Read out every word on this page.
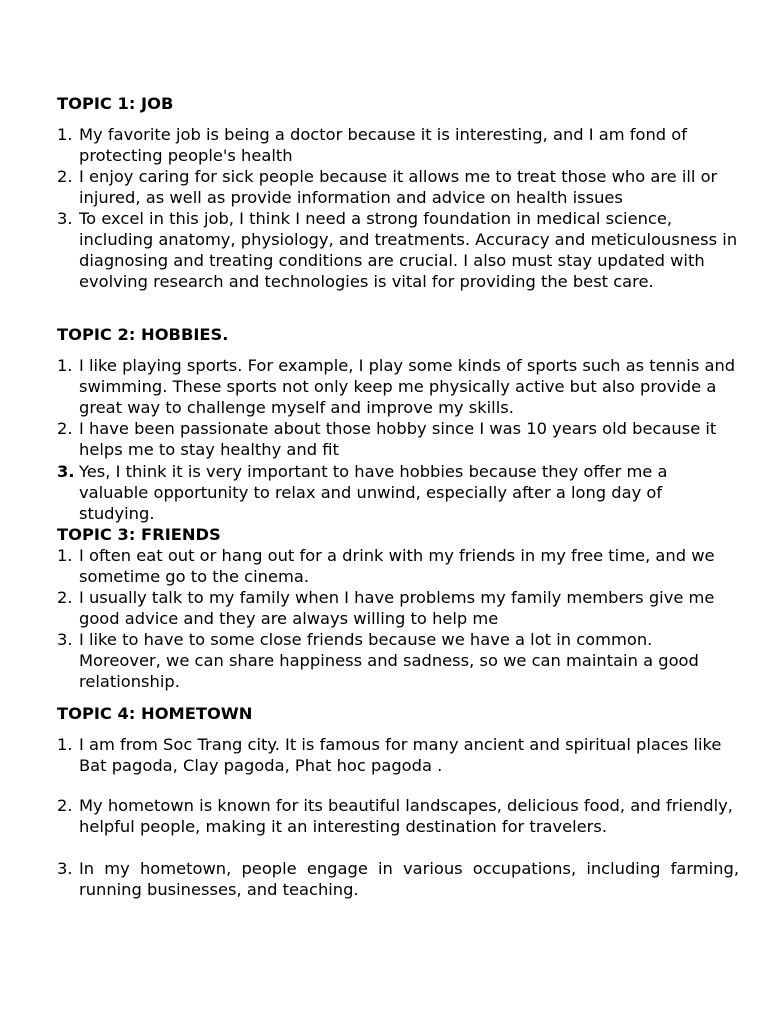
TOPIC 1: JOB
1. My favorite job is being a doctor because it is interesting, and I am fond of protecting people's health
2. I enjoy caring for sick people because it allows me to treat those who are ill or injured, as well as provide information and advice on health issues
3. To excel in this job, I think I need a strong foundation in medical science, including anatomy, physiology, and treatments. Accuracy and meticulousness in diagnosing and treating conditions are crucial. I also must stay updated with evolving research and technologies is vital for providing the best care.
TOPIC 2: HOBBIES.
1. I like playing sports. For example, I play some kinds of sports such as tennis and swimming. These sports not only keep me physically active but also provide a great way to challenge myself and improve my skills.
2. I have been passionate about those hobby since I was 10 years old because it helps me to stay healthy and fit
3. Yes, I think it is very important to have hobbies because they offer me a valuable opportunity to relax and unwind, especially after a long day of studying.
TOPIC 3: FRIENDS
1. I often eat out or hang out for a drink with my friends in my free time, and we sometime go to the cinema.
2. I usually talk to my family when I have problems my family members give me good advice and they are always willing to help me
3. I like to have to some close friends because we have a lot in common. Moreover, we can share happiness and sadness, so we can maintain a good relationship.
TOPIC 4: HOMETOWN
1. I am from Soc Trang city. It is famous for many ancient and spiritual places like Bat pagoda, Clay pagoda, Phat hoc pagoda .
2. My hometown is known for its beautiful landscapes, delicious food, and friendly, helpful people, making it an interesting destination for travelers.
3. In my hometown, people engage in various occupations, including farming, running businesses, and teaching.
